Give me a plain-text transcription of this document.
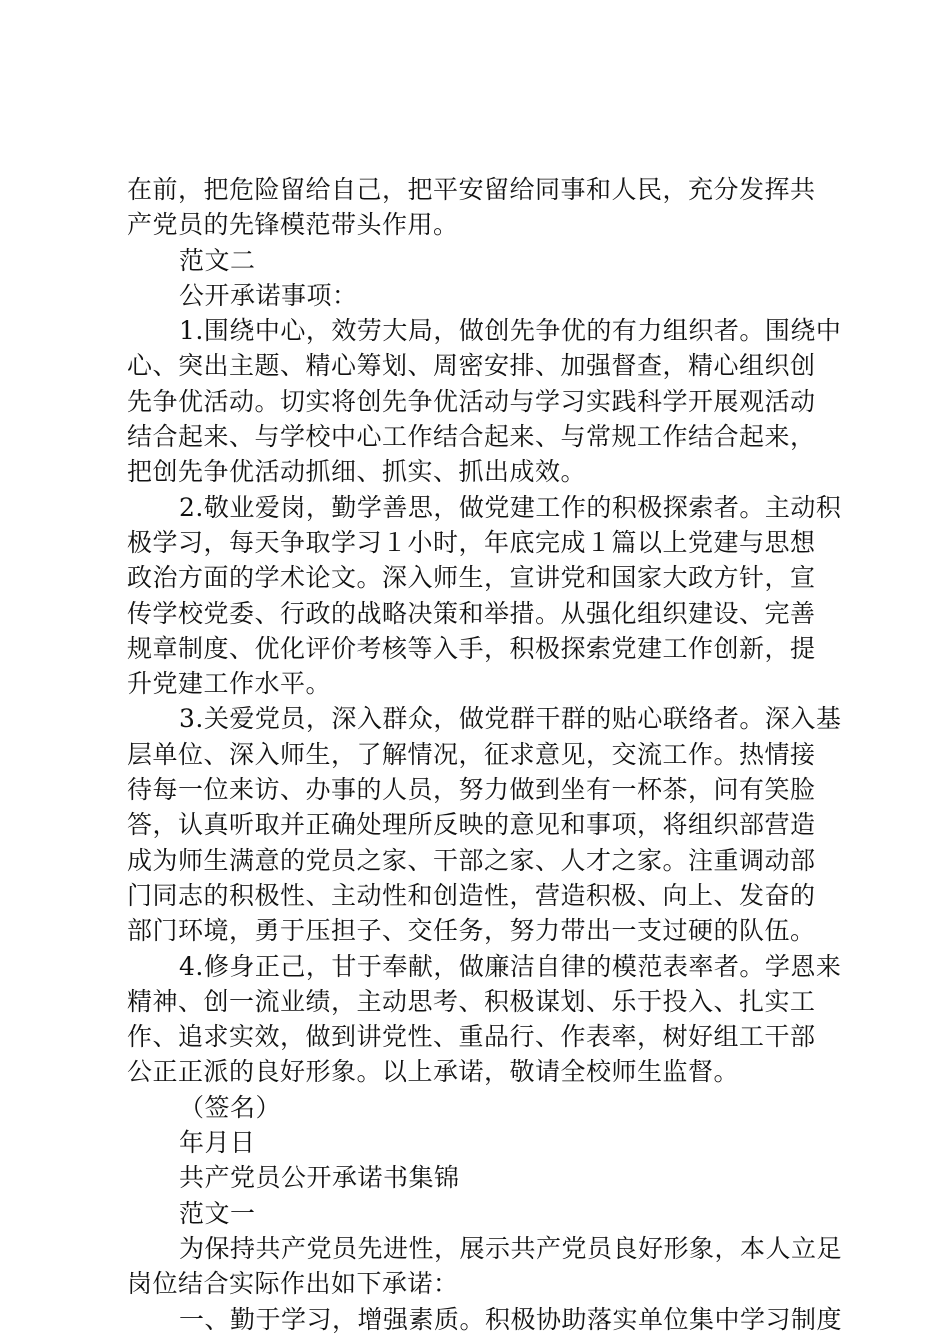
在前，把危险留给自己，把平安留给同事和人民，充分发挥共
产党员的先锋模范带头作用。
范文二
公开承诺事项：
1.围绕中心，效劳大局，做创先争优的有力组织者。围绕中
心、突出主题、精心筹划、周密安排、加强督查，精心组织创
先争优活动。切实将创先争优活动与学习实践科学开展观活动
结合起来、与学校中心工作结合起来、与常规工作结合起来，
把创先争优活动抓细、抓实、抓出成效。
2.敬业爱岗，勤学善思，做党建工作的积极探索者。主动积
极学习，每天争取学习１小时，年底完成１篇以上党建与思想
政治方面的学术论文。深入师生，宣讲党和国家大政方针，宣
传学校党委、行政的战略决策和举措。从强化组织建设、完善
规章制度、优化评价考核等入手，积极探索党建工作创新，提
升党建工作水平。
3.关爱党员，深入群众，做党群干群的贴心联络者。深入基
层单位、深入师生，了解情况，征求意见，交流工作。热情接
待每一位来访、办事的人员，努力做到坐有一杯茶，问有笑脸
答，认真听取并正确处理所反映的意见和事项，将组织部营造
成为师生满意的党员之家、干部之家、人才之家。注重调动部
门同志的积极性、主动性和创造性，营造积极、向上、发奋的
部门环境，勇于压担子、交任务，努力带出一支过硬的队伍。
4.修身正己，甘于奉献，做廉洁自律的模范表率者。学恩来
精神、创一流业绩，主动思考、积极谋划、乐于投入、扎实工
作、追求实效，做到讲党性、重品行、作表率，树好组工干部
公正正派的良好形象。以上承诺，敬请全校师生监督。
（签名）
年月日
共产党员公开承诺书集锦
范文一
为保持共产党员先进性，展示共产党员良好形象，本人立足
岗位结合实际作出如下承诺：
一、勤于学习，增强素质。积极协助落实单位集中学习制度
